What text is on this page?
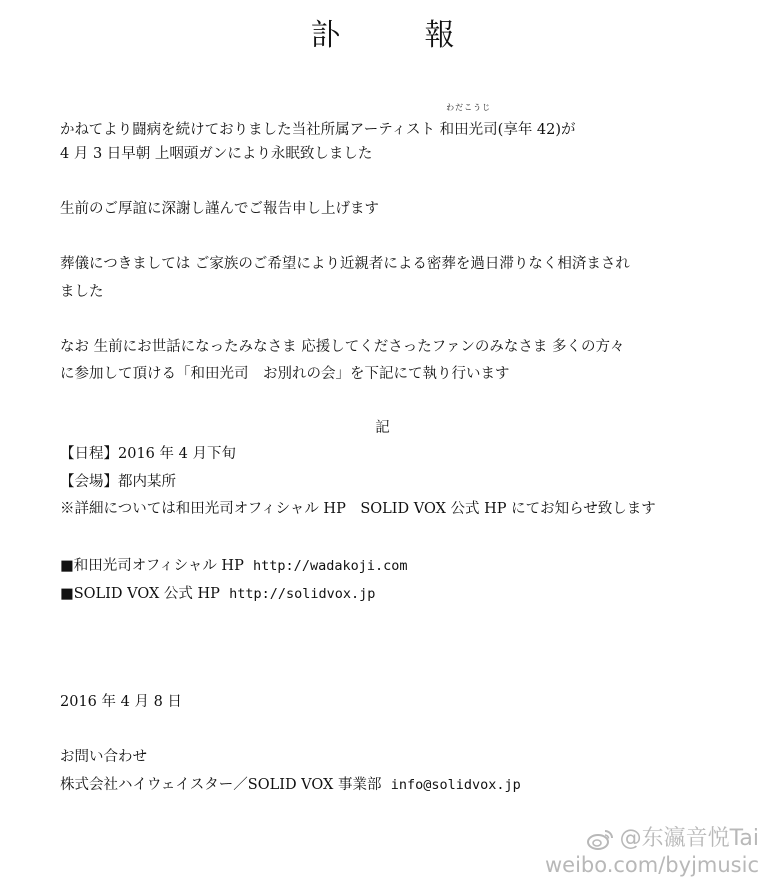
訃　報
かねてより闘病を続けておりました当社所属アーティスト
わだこうじ
和田光司(享年 42)が
4 月 3 日早朝 上咽頭ガンにより永眠致しました
生前のご厚誼に深謝し謹んでご報告申し上げます
葬儀につきましては ご家族のご希望により近親者による密葬を過日滞りなく相済まされ
ました
なお 生前にお世話になったみなさま 応援してくださったファンのみなさま 多くの方々
に参加して頂ける「和田光司　お別れの会」を下記にて執り行います
記
【日程】2016 年 4 月下旬
【会場】都内某所
※詳細については和田光司オフィシャル HP　SOLID VOX 公式 HP にてお知らせ致します
■和田光司オフィシャル HP http://wadakoji.com
■SOLID VOX 公式 HP http://solidvox.jp
2016 年 4 月 8 日
お問い合わせ
株式会社ハイウェイスター／SOLID VOX 事業部 info@solidvox.jp
@东瀛音悦Tai
weibo.com/byjmusic
